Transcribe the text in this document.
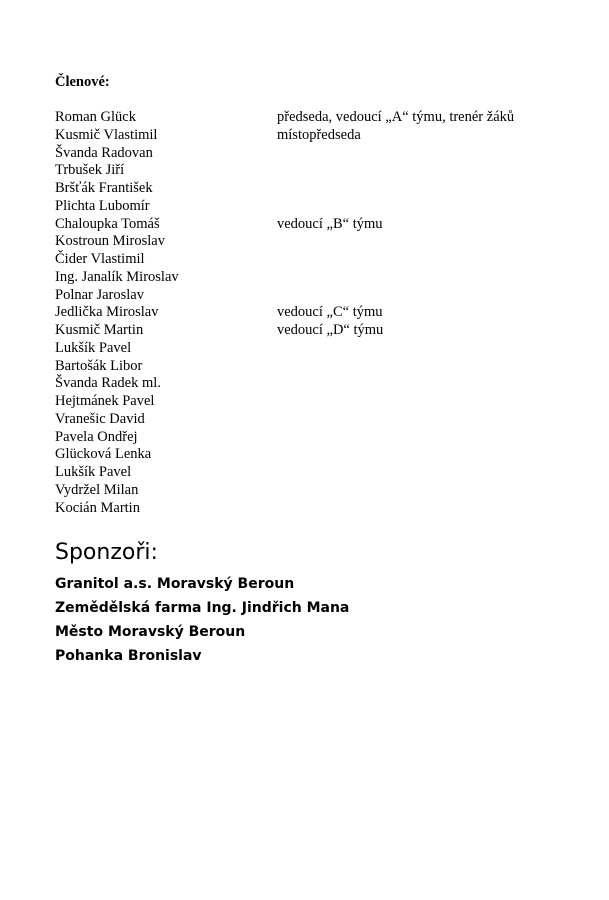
Členové:
Roman Glück	předseda, vedoucí „A“ týmu, trenér žáků
Kusmič Vlastimil	místopředseda
Švanda Radovan
Trbušek Jiří
Bršťák František
Plichta Lubomír
Chaloupka Tomáš	vedoucí „B“ týmu
Kostroun Miroslav
Čider Vlastimil
Ing. Janalík Miroslav
Polnar Jaroslav
Jedlička Miroslav	vedoucí „C“ týmu
Kusmič Martin	vedoucí „D“ týmu
Lukšík Pavel
Bartošák Libor
Švanda Radek ml.
Hejtmánek Pavel
Vranešic David
Pavela Ondřej
Glücková Lenka
Lukšík Pavel
Vydržel Milan
Kocián Martin
Sponzoři:
Granitol a.s. Moravský Beroun
Zemědělská farma Ing. Jindřich Mana
Město Moravský Beroun
Pohanka Bronislav
